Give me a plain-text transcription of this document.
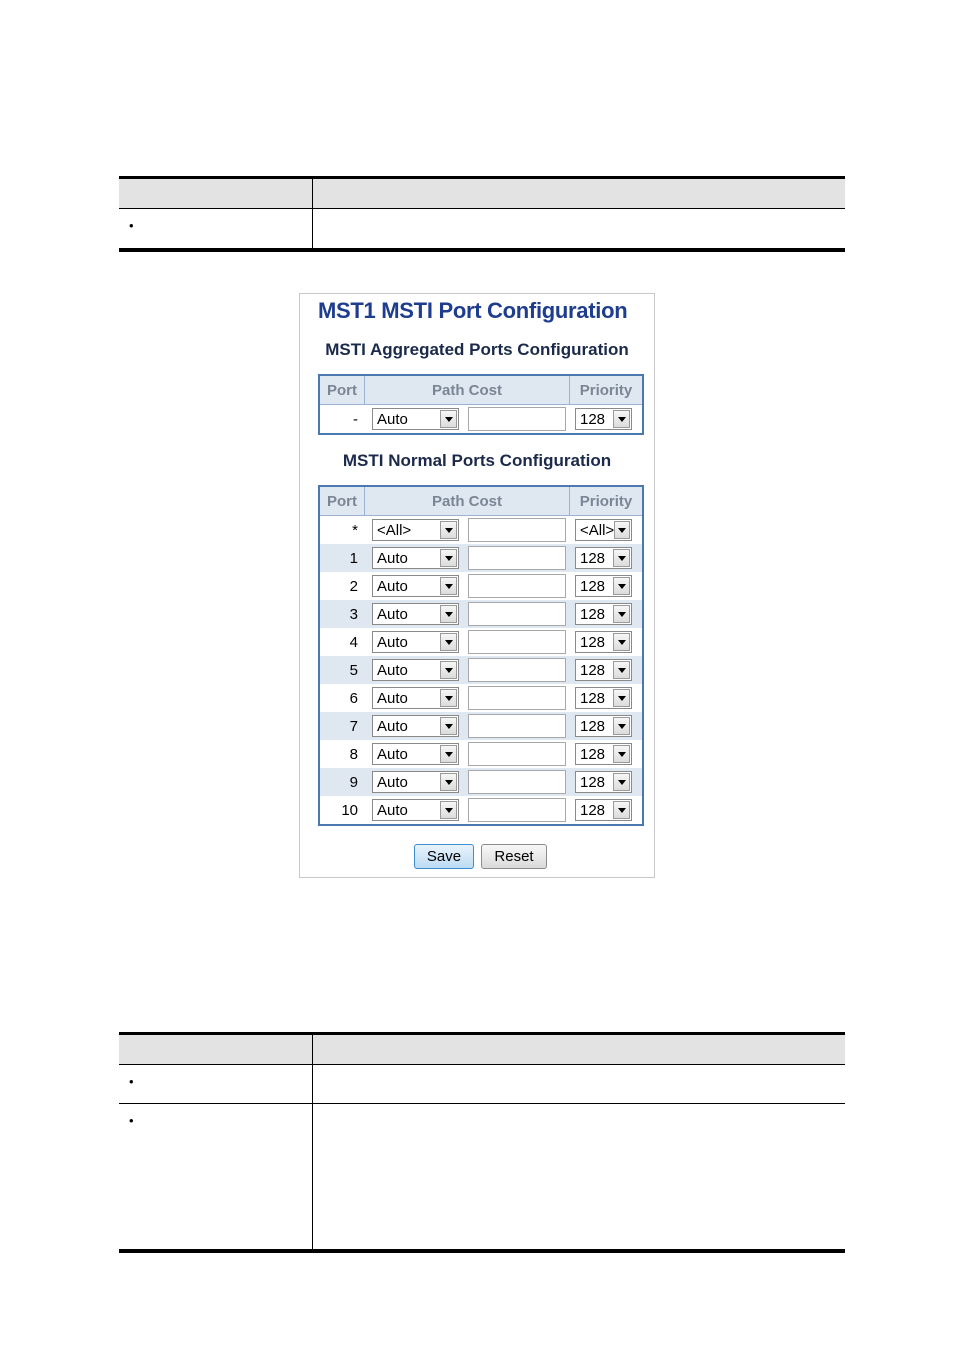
•
MST1 MSTI Port Configuration
MSTI Aggregated Ports Configuration
Port	Path Cost	Priority
-	Auto	128
MSTI Normal Ports Configuration
Port	Path Cost	Priority
*	<All>	<All>
1	Auto	128
2	Auto	128
3	Auto	128
4	Auto	128
5	Auto	128
6	Auto	128
7	Auto	128
8	Auto	128
9	Auto	128
10	Auto	128
Save	Reset
•
•
